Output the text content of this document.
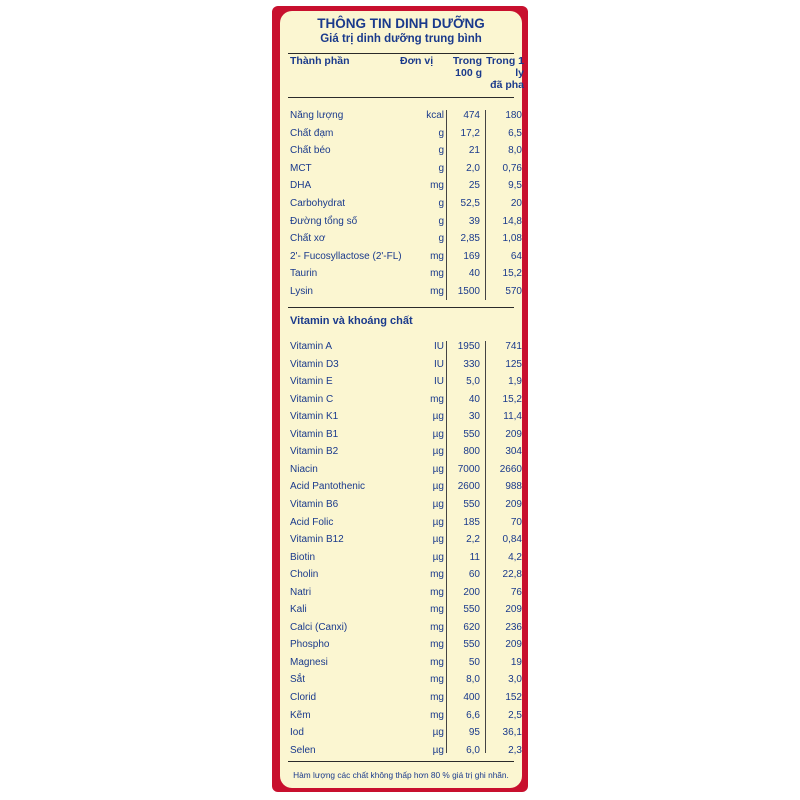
THÔNG TIN DINH DƯỠNG
Giá trị dinh dưỡng trung bình
Thành phần	Đơn vị	Trong
100 g
Trong 1 ly
đã pha
Năng lượng	kcal	474	180
Chất đạm	g	17,2	6,5
Chất béo	g	21	8,0
MCT	g	2,0	0,76
DHA	mg	25	9,5
Carbohydrat	g	52,5	20
Đường tổng số	g	39	14,8
Chất xơ	g	2,85	1,08
2'- Fucosyllactose (2'-FL)	mg	169	64
Taurin	mg	40	15,2
Lysin	mg	1500	570
Vitamin và khoáng chất
Vitamin A	IU	1950	741
Vitamin D3	IU	330	125
Vitamin E	IU	5,0	1,9
Vitamin C	mg	40	15,2
Vitamin K1	µg	30	11,4
Vitamin B1	µg	550	209
Vitamin B2	µg	800	304
Niacin	µg	7000	2660
Acid Pantothenic	µg	2600	988
Vitamin B6	µg	550	209
Acid Folic	µg	185	70
Vitamin B12	µg	2,2	0,84
Biotin	µg	11	4,2
Cholin	mg	60	22,8
Natri	mg	200	76
Kali	mg	550	209
Calci (Canxi)	mg	620	236
Phospho	mg	550	209
Magnesi	mg	50	19
Sắt	mg	8,0	3,0
Clorid	mg	400	152
Kẽm	mg	6,6	2,5
Iod	µg	95	36,1
Selen	µg	6,0	2,3
Hàm lượng các chất không thấp hơn 80 % giá trị ghi nhãn.
